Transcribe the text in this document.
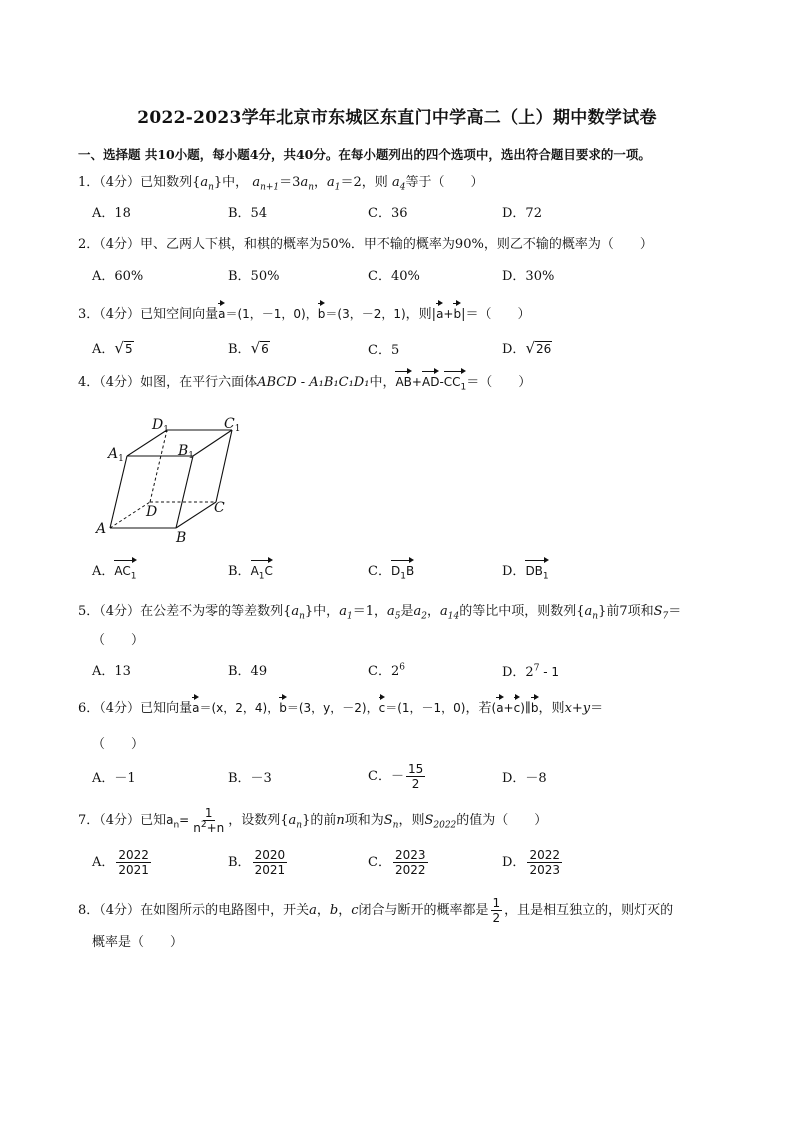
2022-2023学年北京市东城区东直门中学高二（上）期中数学试卷
一、选择题 共10小题，每小题4分，共40分。在每小题列出的四个选项中，选出符合题目要求的一项。
1．（4分）已知数列$\{a_n\}$中， $a_{n+1}=3a_n$，$a_1=2$，则 $a_4$等于（　　）
A．18	B．54	C．36	D．72
2．（4分）甲、乙两人下棋，和棋的概率为50%．甲不输的概率为90%，则乙不输的概率为（　　）
A．60%	B．50%	C．40%	D．30%
3．（4分）已知空间向量a＝(1，－1，0)，b＝(3，－2，1)，则|a+b|＝（　　）
A． √ 5	B． √ 6	C．5	D． √ 26
4．（4分）如图，在平行六面体ABCD - A₁B₁C₁D₁中，$AB+AD-CC_1=$（　　）
A
B
C
D
$A_1$	$B_1$
$C_1$
$D_1$
A．$AC_1$	B．$A_1C$	C．$D_1B$	D．$DB_1$
5．（4分）在公差不为零的等差数列$\{a_n\}$中，$a_1=1$，$a_5$是$a_2$，$a_{14}$的等比中项，则数列$\{a_n\}$前7项和$S_7=$
（　　）
A．13	B．49	C．$2^6$	D．$2^7 - 1$
6．（4分）已知向量a＝(x，2，4)，b＝(3，y，－2)，c＝(1，－1，0)，若(a+c)∥b，则x+y＝
（　　）
A．－1	B．－3	C．－ $\frac{15}{2}$	D．－8
7．（4分）已知$a_n= \frac{1}{n^2+n}$ ，设数列$\{a_n\}$的前n项和为$S_n$，则$S_{2022}$的值为（　　）
A． $\frac{2022}{2021}$	B． $\frac{2020}{2021}$	C． $\frac{2023}{2022}$	D． $\frac{2022}{2023}$
8．（4分）在如图所示的电路图中，开关a，b，c闭合与断开的概率都是 $\frac{1}{2}$ ，且是相互独立的，则灯灭的
概率是（　　）
